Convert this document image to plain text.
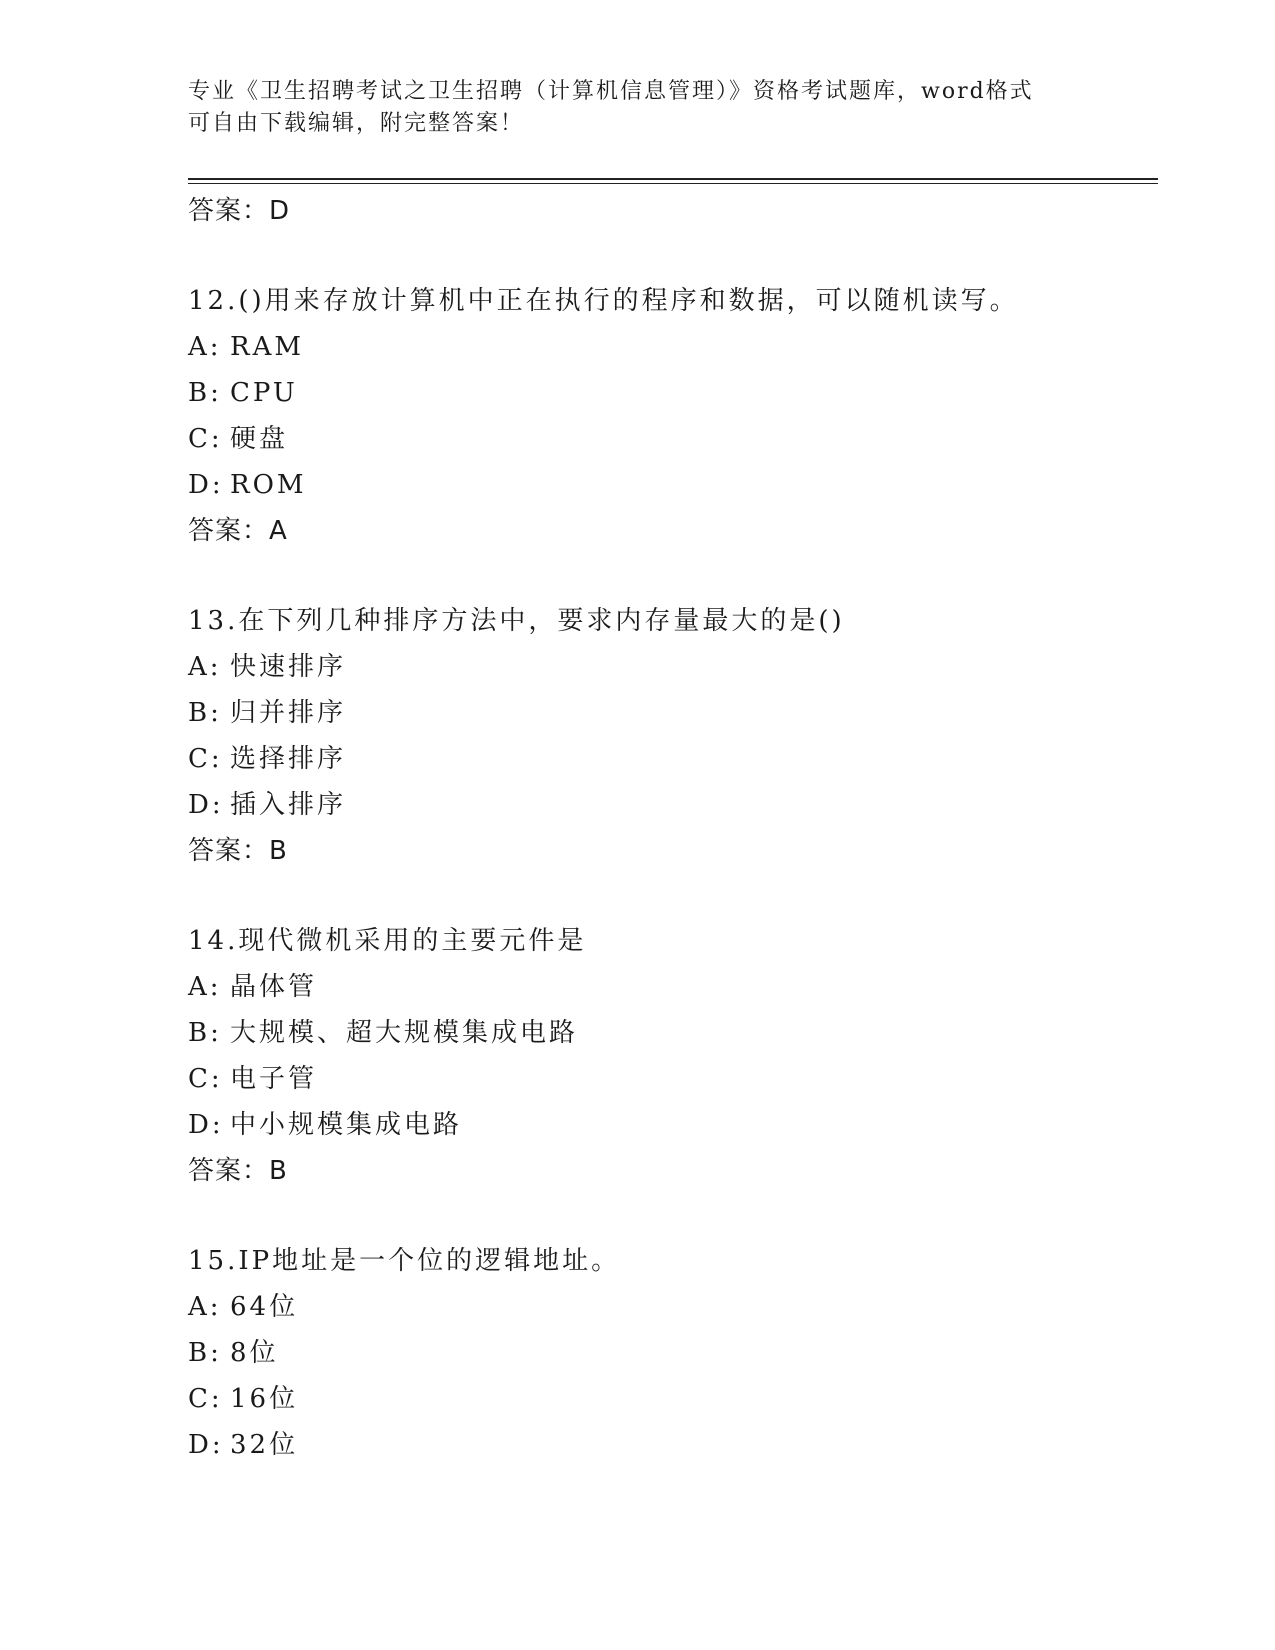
专业《卫生招聘考试之卫生招聘（计算机信息管理）》资格考试题库，word格式
可自由下载编辑，附完整答案！
答案：D
12.()用来存放计算机中正在执行的程序和数据，可以随机读写。
A: RAM
B: CPU
C: 硬盘
D: ROM
答案：A
13.在下列几种排序方法中，要求内存量最大的是()
A: 快速排序
B: 归并排序
C: 选择排序
D: 插入排序
答案：B
14.现代微机采用的主要元件是
A: 晶体管
B: 大规模、超大规模集成电路
C: 电子管
D: 中小规模集成电路
答案：B
15.IP地址是一个位的逻辑地址。
A: 64位
B: 8位
C: 16位
D: 32位
